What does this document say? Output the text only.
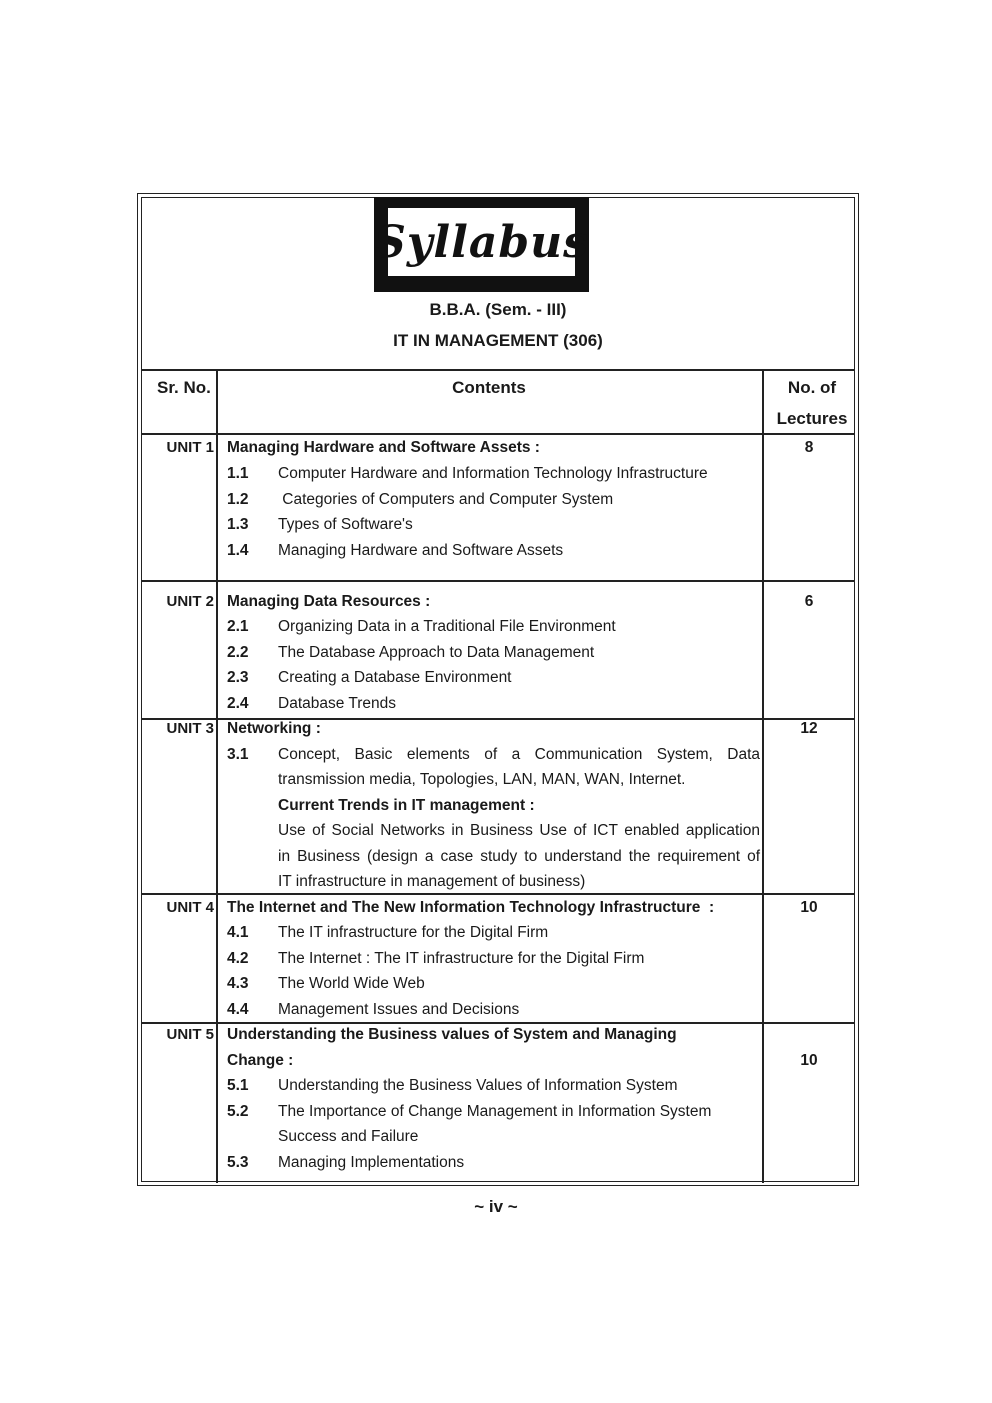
Syllabus
B.B.A. (Sem. - III)
IT IN MANAGEMENT (306)
Sr. No.	Contents	No. of
Lectures
UNIT 1 Managing Hardware and Software Assets :	8
1.1 Computer Hardware and Information Technology Infrastructure
1.2 Categories of Computers and Computer System
1.3 Types of Software's
1.4 Managing Hardware and Software Assets
UNIT 2 Managing Data Resources :	6
2.1 Organizing Data in a Traditional File Environment
2.2 The Database Approach to Data Management
2.3 Creating a Database Environment
2.4 Database Trends
UNIT 3 Networking :	12
3.1 Concept, Basic elements of a Communication System, Data
transmission media, Topologies, LAN, MAN, WAN, Internet.
Current Trends in IT management :
Use of Social Networks in Business Use of ICT enabled application
in Business (design a case study to understand the requirement of
IT infrastructure in management of business)
UNIT 4 The Internet and The New Information Technology Infrastructure  :	10
4.1 The IT infrastructure for the Digital Firm
4.2 The Internet : The IT infrastructure for the Digital Firm
4.3 The World Wide Web
4.4 Management Issues and Decisions
UNIT 5 Understanding the Business values of System and Managing
Change :	10
5.1 Understanding the Business Values of Information System
5.2 The Importance of Change Management in Information System
Success and Failure
5.3 Managing Implementations
~ iv ~
